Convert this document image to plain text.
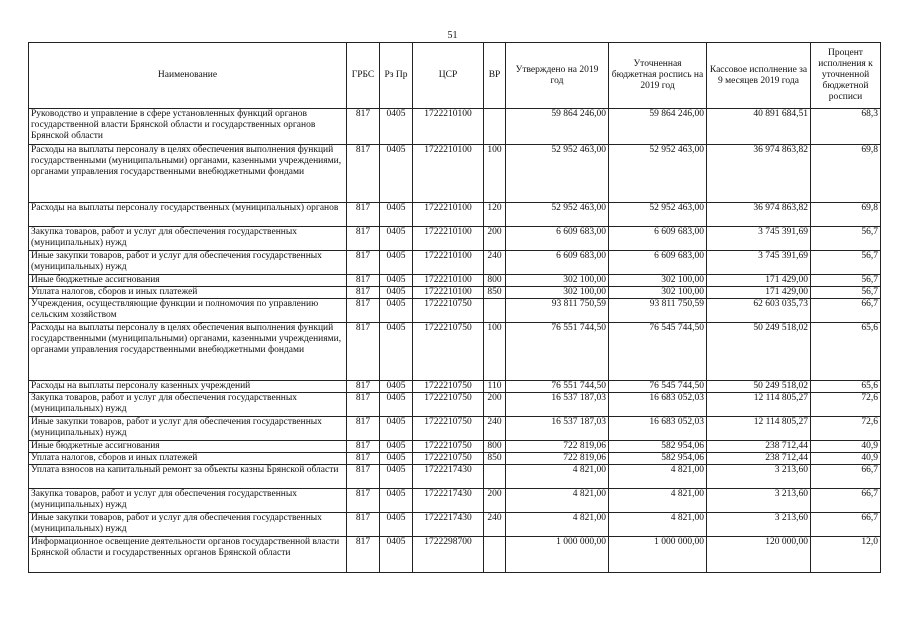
51
Наименование	ГРБС	Рз Пр	ЦСР	ВР	Утверждено на 2019 год	Уточненная бюджетная роспись на 2019 год	Кассовое исполнение за 9 месяцев 2019 года	Процент исполнения к уточненной бюджетной росписи
Руководство и управление в сфере установленных функций органов государственной власти Брянской области и государственных органов Брянской области	817	0405	1722210100		59 864 246,00	59 864 246,00	40 891 684,51	68,3
Расходы на выплаты персоналу в целях обеспечения выполнения функций государственными (муниципальными) органами, казенными учреждениями, органами управления государственными внебюджетными фондами	817	0405	1722210100	100	52 952 463,00	52 952 463,00	36 974 863,82	69,8
Расходы на выплаты персоналу государственных (муниципальных) органов	817	0405	1722210100	120	52 952 463,00	52 952 463,00	36 974 863,82	69,8
Закупка товаров, работ и услуг для обеспечения государственных (муниципальных) нужд	817	0405	1722210100	200	6 609 683,00	6 609 683,00	3 745 391,69	56,7
Иные закупки товаров, работ и услуг для обеспечения государственных (муниципальных) нужд	817	0405	1722210100	240	6 609 683,00	6 609 683,00	3 745 391,69	56,7
Иные бюджетные ассигнования	817	0405	1722210100	800	302 100,00	302 100,00	171 429,00	56,7
Уплата налогов, сборов и иных платежей	817	0405	1722210100	850	302 100,00	302 100,00	171 429,00	56,7
Учреждения, осуществляющие функции и полномочия по управлению сельским хозяйством	817	0405	1722210750		93 811 750,59	93 811 750,59	62 603 035,73	66,7
Расходы на выплаты персоналу в целях обеспечения выполнения функций государственными (муниципальными) органами, казенными учреждениями, органами управления государственными внебюджетными фондами	817	0405	1722210750	100	76 551 744,50	76 545 744,50	50 249 518,02	65,6
Расходы на выплаты персоналу казенных учреждений	817	0405	1722210750	110	76 551 744,50	76 545 744,50	50 249 518,02	65,6
Закупка товаров, работ и услуг для обеспечения государственных (муниципальных) нужд	817	0405	1722210750	200	16 537 187,03	16 683 052,03	12 114 805,27	72,6
Иные закупки товаров, работ и услуг для обеспечения государственных (муниципальных) нужд	817	0405	1722210750	240	16 537 187,03	16 683 052,03	12 114 805,27	72,6
Иные бюджетные ассигнования	817	0405	1722210750	800	722 819,06	582 954,06	238 712,44	40,9
Уплата налогов, сборов и иных платежей	817	0405	1722210750	850	722 819,06	582 954,06	238 712,44	40,9
Уплата взносов на капитальный ремонт за объекты казны Брянской области	817	0405	1722217430		4 821,00	4 821,00	3 213,60	66,7
Закупка товаров, работ и услуг для обеспечения государственных (муниципальных) нужд	817	0405	1722217430	200	4 821,00	4 821,00	3 213,60	66,7
Иные закупки товаров, работ и услуг для обеспечения государственных (муниципальных) нужд	817	0405	1722217430	240	4 821,00	4 821,00	3 213,60	66,7
Информационное освещение деятельности органов государственной власти Брянской области и государственных органов Брянской области	817	0405	1722298700		1 000 000,00	1 000 000,00	120 000,00	12,0
